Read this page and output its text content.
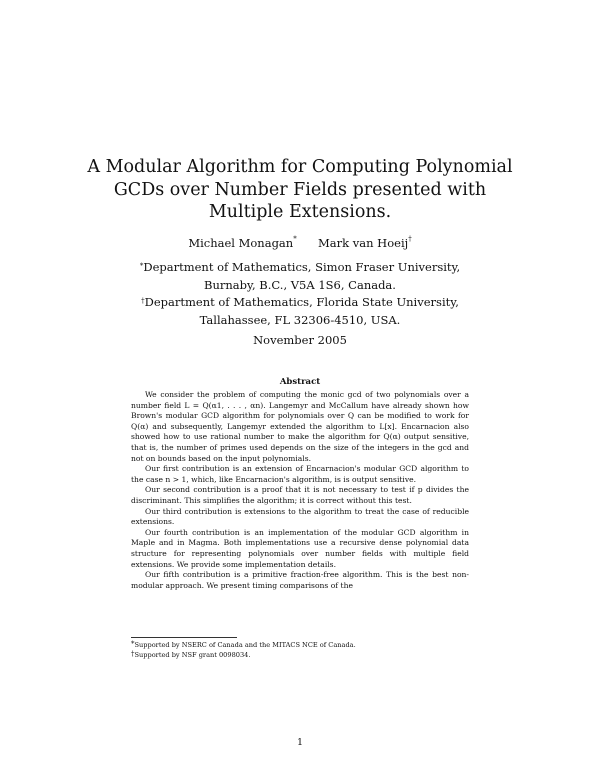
A Modular Algorithm for Computing Polynomial
GCDs over Number Fields presented with
Multiple Extensions.
Michael Monagan* Mark van Hoeij†
*Department of Mathematics, Simon Fraser University,
Burnaby, B.C., V5A 1S6, Canada.
†Department of Mathematics, Florida State University,
Tallahassee, FL 32306-4510, USA.
November 2005
Abstract

We consider the problem of computing the monic gcd of two polynomials over a number field L = Q(α1, . . . , αn). Langemyr and McCallum have already shown how Brown's modular GCD algorithm for polynomials over Q can be modified to work for Q(α) and subsequently, Langemyr extended the algorithm to L[x]. Encarnacion also showed how to use rational number to make the algorithm for Q(α) output sensitive, that is, the number of primes used depends on the size of the integers in the gcd and not on bounds based on the input polynomials.

Our first contribution is an extension of Encarnacion's modular GCD algorithm to the case n > 1, which, like Encarnacion's algorithm, is is output sensitive.

Our second contribution is a proof that it is not necessary to test if p divides the discriminant. This simplifies the algorithm; it is correct without this test.

Our third contribution is extensions to the algorithm to treat the case of reducible extensions.

Our fourth contribution is an implementation of the modular GCD algorithm in Maple and in Magma. Both implementations use a recursive dense polynomial data structure for representing polynomials over number fields with multiple field extensions. We provide some implementation details.

Our fifth contribution is a primitive fraction-free algorithm. This is the best non-modular approach. We present timing comparisons of the

*Supported by NSERC of Canada and the MITACS NCE of Canada.
†Supported by NSF grant 0098034.
1
